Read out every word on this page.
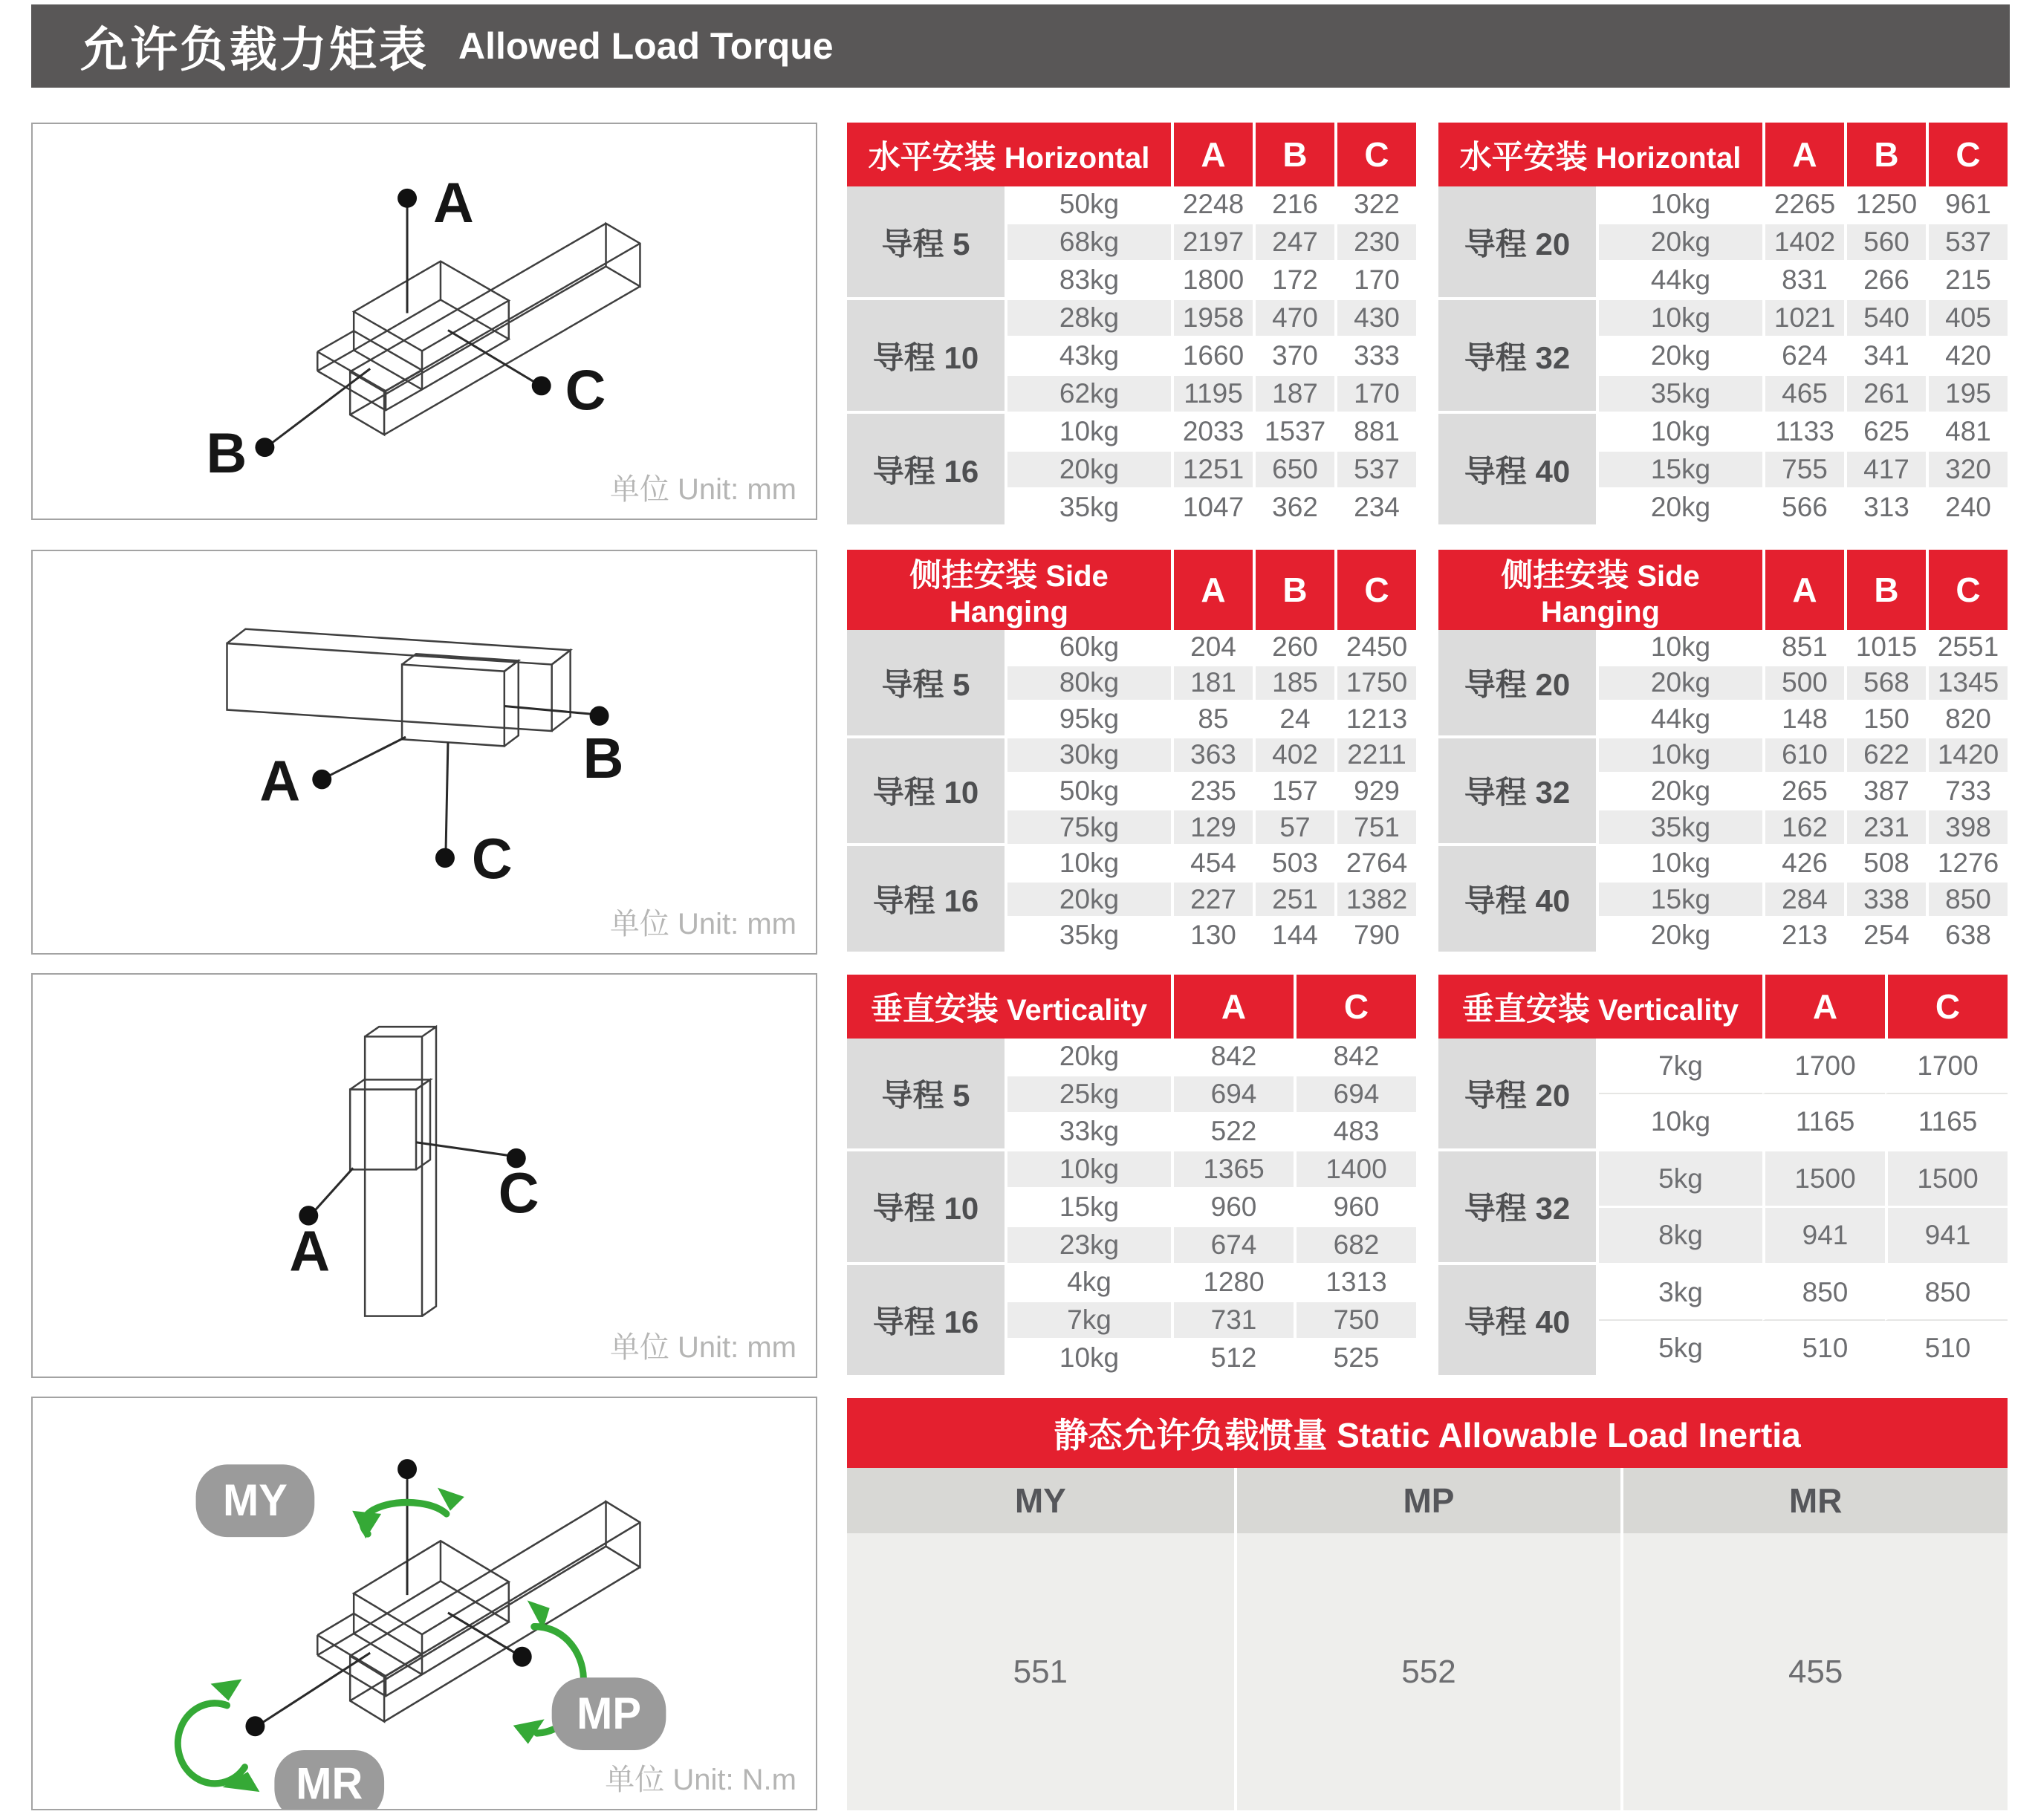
允许负载力矩表 Allowed Load Torque
A
C
B
单位 Unit: mm
A	B
C
单位 Unit: mm
A
C
单位 Unit: mm
MY
MP
MR	单位 Unit: N.m
水平安装 Horizontal		A	B	C
导程 5	50kg	2248	216	322
	68kg	2197	247	230
	83kg	1800	172	170
导程 10	28kg	1958	470	430
	43kg	1660	370	333
	62kg	1195	187	170
导程 16	10kg	2033	1537	881
	20kg	1251	650	537
	35kg	1047	362	234
水平安装 Horizontal		A	B	C
导程 20	10kg	2265	1250	961
	20kg	1402	560	537
	44kg	831	266	215
导程 32	10kg	1021	540	405
	20kg	624	341	420
	35kg	465	261	195
导程 40	10kg	1133	625	481
	15kg	755	417	320
	20kg	566	313	240
侧挂安装 Side Hanging		A	B	C
导程 5	60kg	204	260	2450
	80kg	181	185	1750
	95kg	85	24	1213
导程 10	30kg	363	402	2211
	50kg	235	157	929
	75kg	129	57	751
导程 16	10kg	454	503	2764
	20kg	227	251	1382
	35kg	130	144	790
侧挂安装 Side Hanging		A	B	C
导程 20	10kg	851	1015	2551
	20kg	500	568	1345
	44kg	148	150	820
导程 32	10kg	610	622	1420
	20kg	265	387	733
	35kg	162	231	398
导程 40	10kg	426	508	1276
	15kg	284	338	850
	20kg	213	254	638
垂直安装 Verticality		A	C
导程 5	20kg	842	842
	25kg	694	694
	33kg	522	483
导程 10	10kg	1365	1400
	15kg	960	960
	23kg	674	682
导程 16	4kg	1280	1313
	7kg	731	750
	10kg	512	525
垂直安装 Verticality		A	C
导程 20	7kg	1700	1700
	10kg	1165	1165
导程 32	5kg	1500	1500
	8kg	941	941
导程 40	3kg	850	850
	5kg	510	510
静态允许负载惯量 Static Allowable Load Inertia		
MY	MP	MR
551	552	455
